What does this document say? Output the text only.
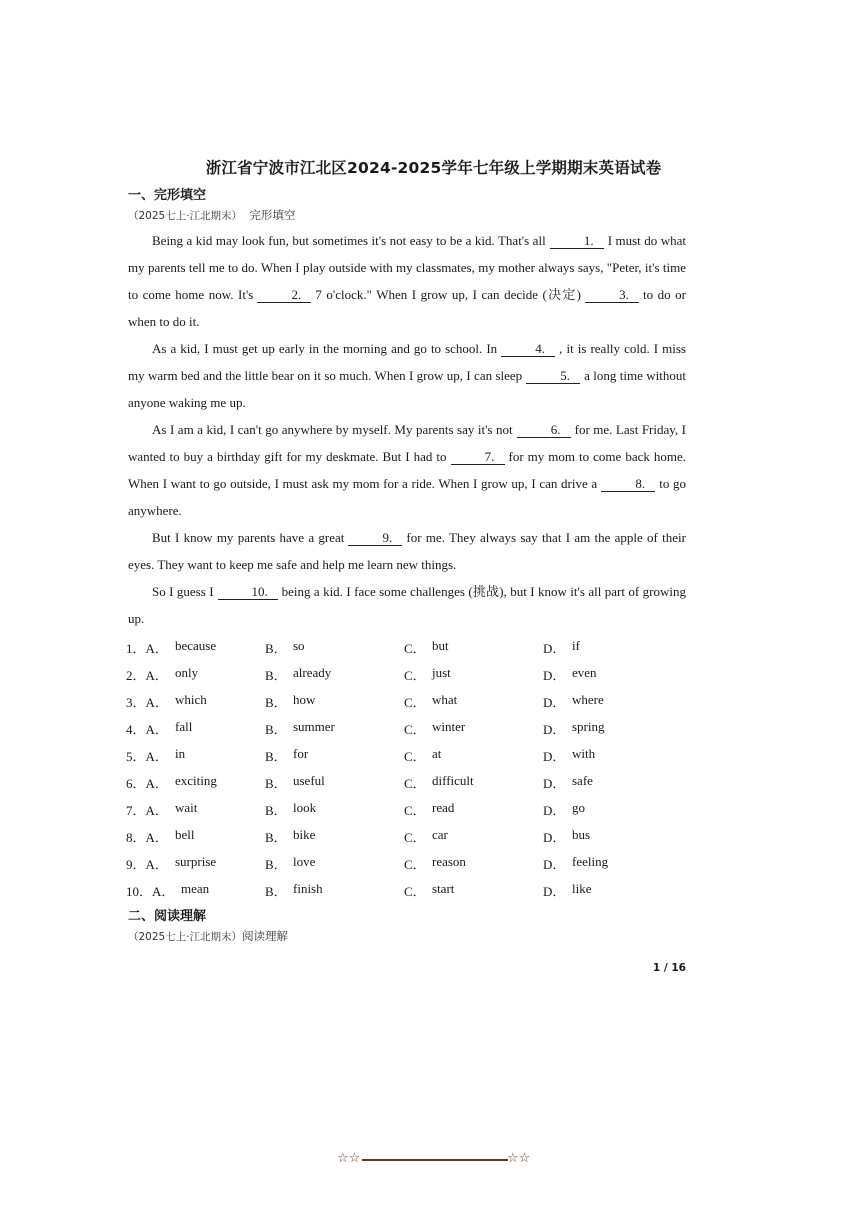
浙江省宁波市江北区2024-2025学年七年级上学期期末英语试卷
一、完形填空
（2025七上·江北期末） 完形填空

Being a kid may look fun, but sometimes it's not easy to be a kid. That's all	1. I must do what my parents tell me to do. When I play outside with my classmates, my mother always says, "Peter, it's time to come home now. It's	2. 7 o'clock." When I grow up, I can decide (决定)	3. to do or when to do it.

As a kid, I must get up early in the morning and go to school. In	4. , it is really cold. I miss my warm bed and the little bear on it so much. When I grow up, I can sleep	5. a long time without anyone waking me up.

As I am a kid, I can't go anywhere by myself. My parents say it's not	6. for me. Last Friday, I wanted to buy a birthday gift for my deskmate. But I had to	7. for my mom to come back home. When I want to go outside, I must ask my mom for a ride. When I grow up, I can drive a	8. to go anywhere.

But I know my parents have a great	9. for me. They always say that I am the apple of their eyes. They want to keep me safe and help me learn new things.

So I guess I	10. being a kid. I face some challenges (挑战), but I know it's all part of growing up.

1．A． because	B． so	C． but	D． if
2．A． only	B． already	C． just	D． even
3．A． which	B． how	C． what	D． where
4．A． fall	B． summer	C． winter	D． spring
5．A． in	B． for	C． at	D． with
6．A． exciting	B． useful	C． difficult	D． safe
7．A． wait	B． look	C． read	D． go
8．A． bell	B． bike	C． car	D． bus
9．A． surprise	B． love	C． reason	D． feeling
10．A． mean	B． finish	C． start	D． like
二、阅读理解
（2025七上·江北期末）阅读理解
1 / 16
☆☆	☆☆
